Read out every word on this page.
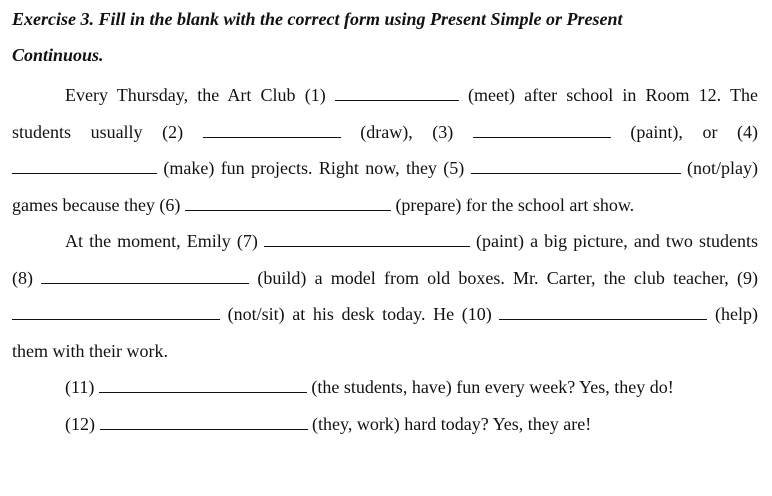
Exercise 3. Fill in the blank with the correct form using Present Simple or Present
Continuous.
Every Thursday, the Art Club (1)	(meet) after school in Room 12. The students usually (2)	(draw), (3)	(paint), or (4)  (make) fun projects. Right now, they (5)	(not/play) games because they (6)	(prepare) for the school art show.
At the moment, Emily (7)	(paint) a big picture, and two students (8)	(build) a model from old boxes. Mr. Carter, the club teacher, (9)  (not/sit) at his desk today. He (10)	(help) them with their work.
(11)	(the students, have) fun every week? Yes, they do!
(12)	(they, work) hard today? Yes, they are!
